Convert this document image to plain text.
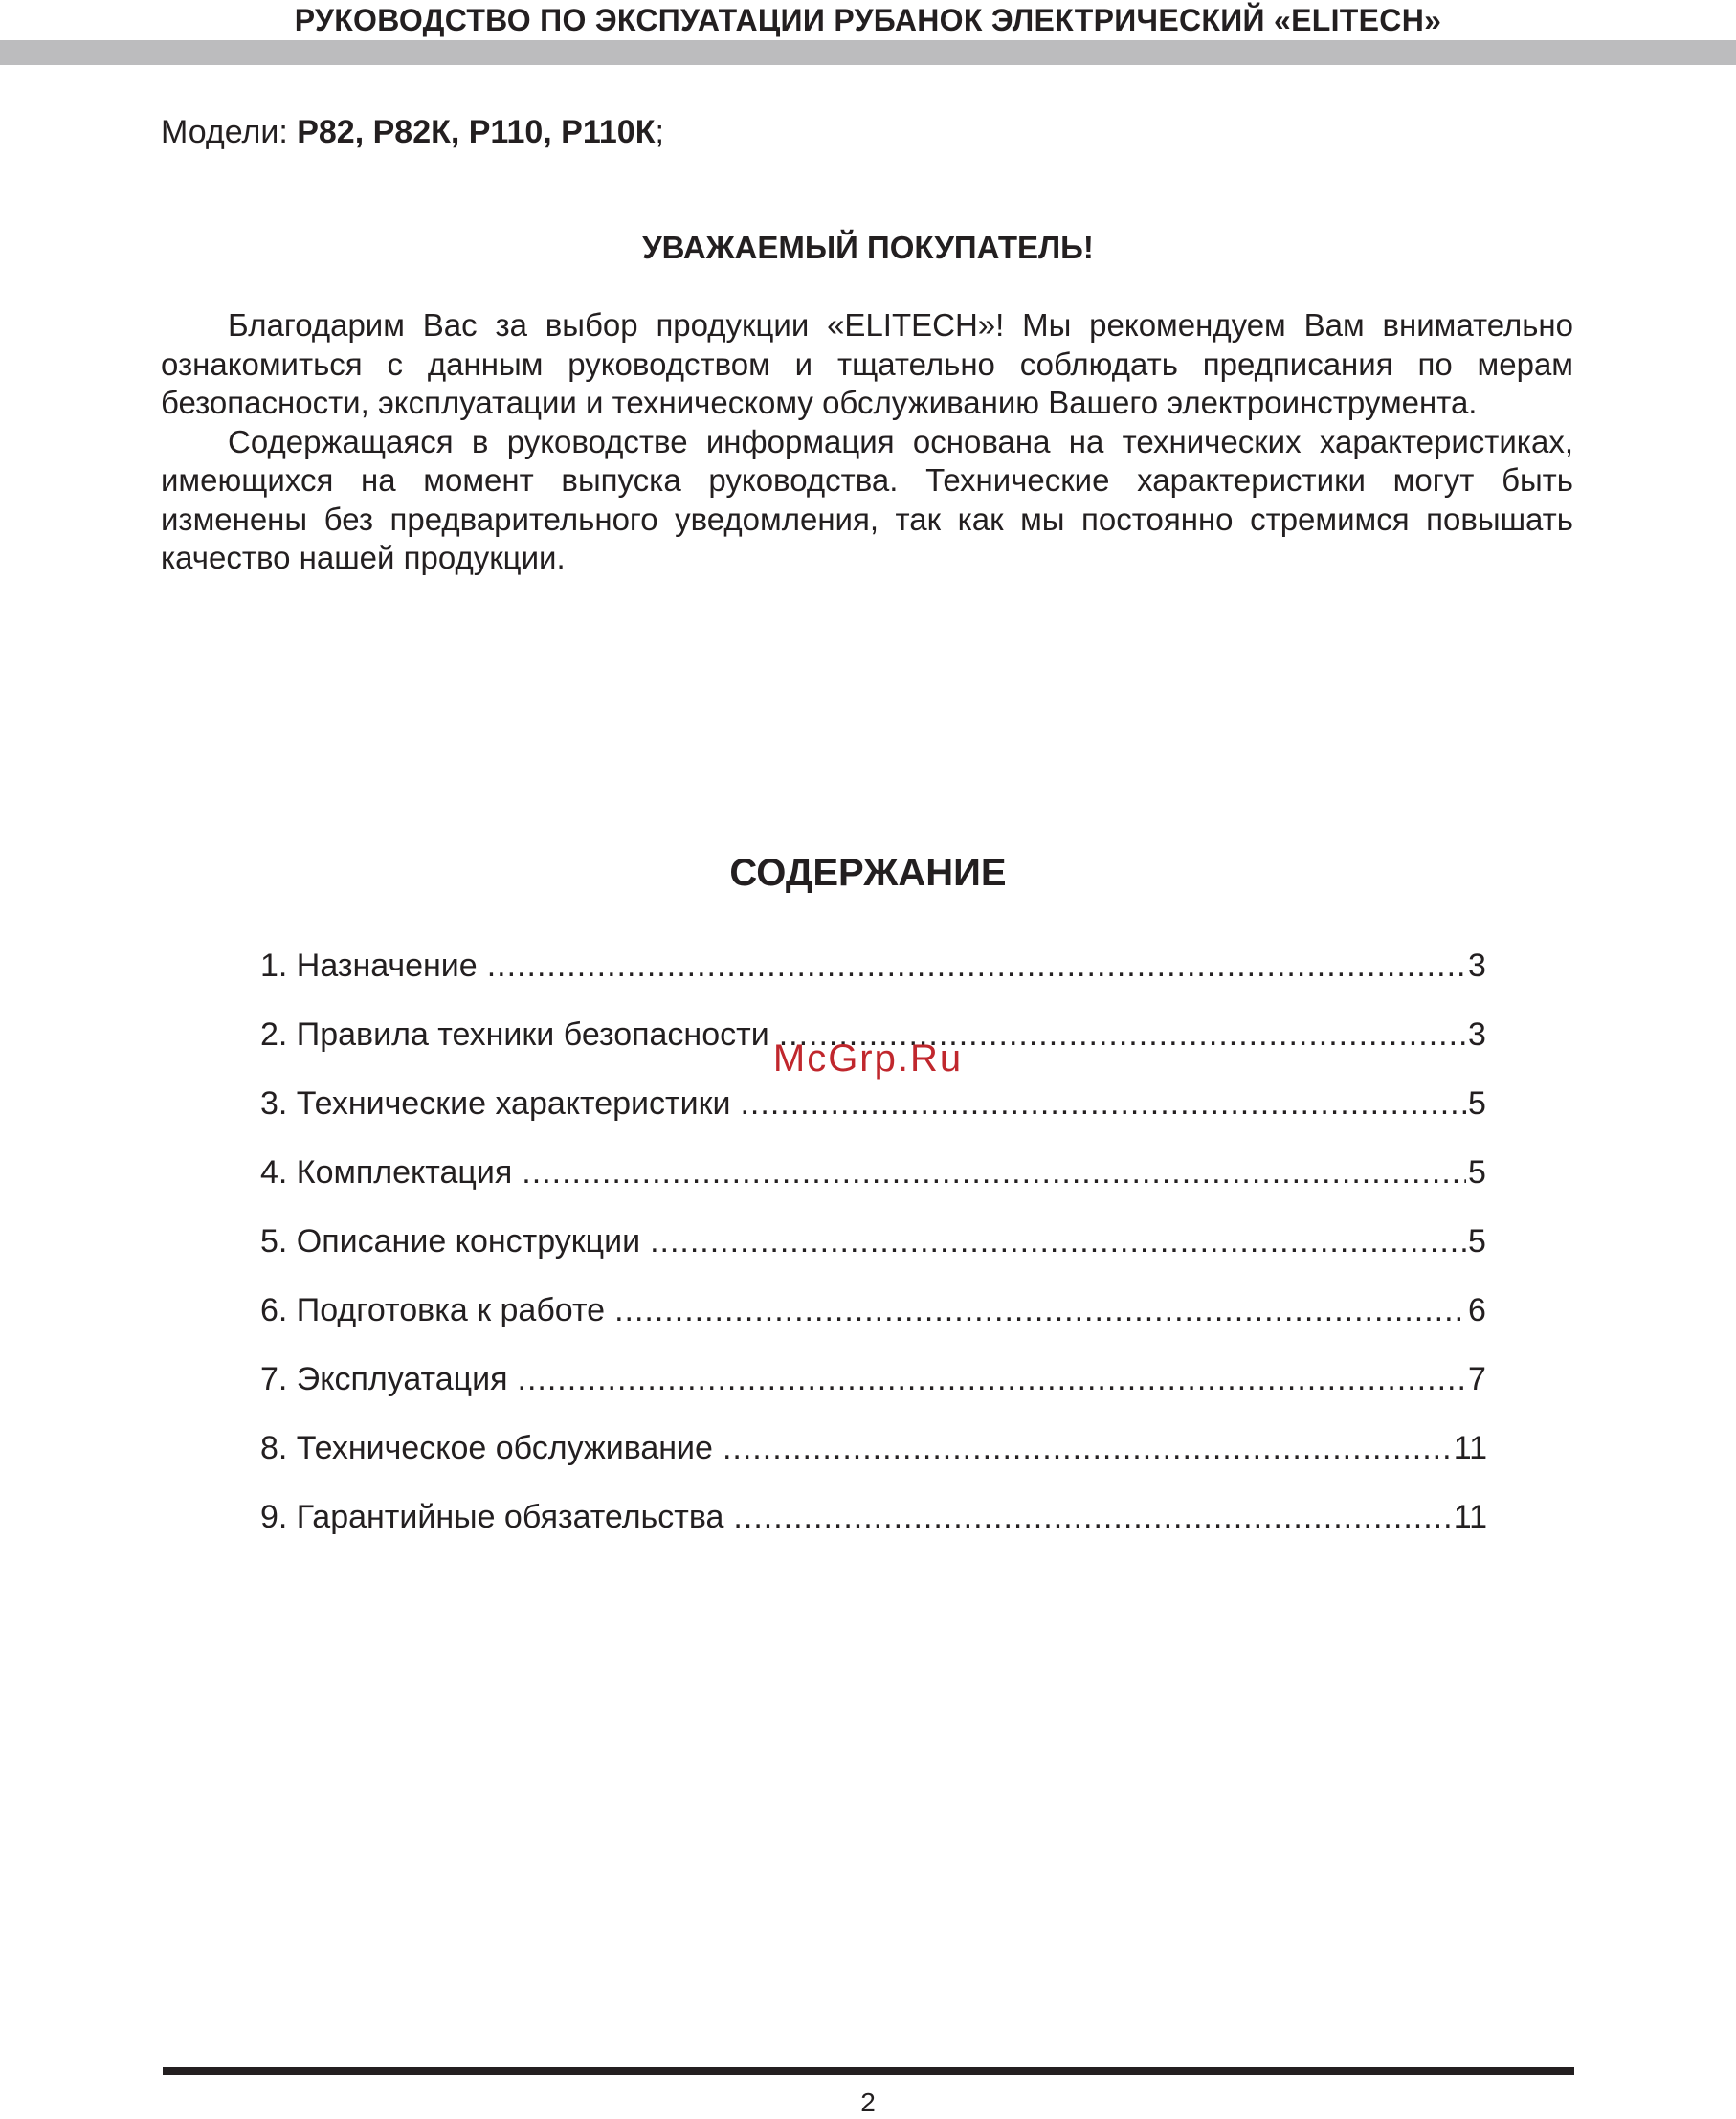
РУКОВОДСТВО ПО ЭКСПУАТАЦИИ РУБАНОК ЭЛЕКТРИЧЕСКИЙ «ELITECH»
Модели: Р82, Р82К, Р110, Р110К;
УВАЖАЕМЫЙ ПОКУПАТЕЛЬ!

Благодарим Вас за выбор продукции «ELITECH»! Мы рекомендуем Вам внимательно ознакомиться с данным руководством и тщательно соблюдать предписания по мерам безопасности, эксплуатации и техническому обслуживанию Вашего электроинструмента.

Содержащаяся в руководстве информация основана на технических характеристиках, имеющихся на момент выпуска руководства. Технические характеристики могут быть изменены без предварительного уведомления, так как мы постоянно стремимся повышать качество нашей продукции.

СОДЕРЖАНИЕ
1. Назначение .....	3
2. Правила техники безопасности .....	3
3. Технические характеристики .....	5
4. Комплектация .....	5
5. Описание конструкции .....	5
6. Подготовка к работе .....	6
7. Эксплуатация .....	7
8. Техническое обслуживание .....	11
9. Гарантийные обязательства .....	11
McGrp.Ru
2
